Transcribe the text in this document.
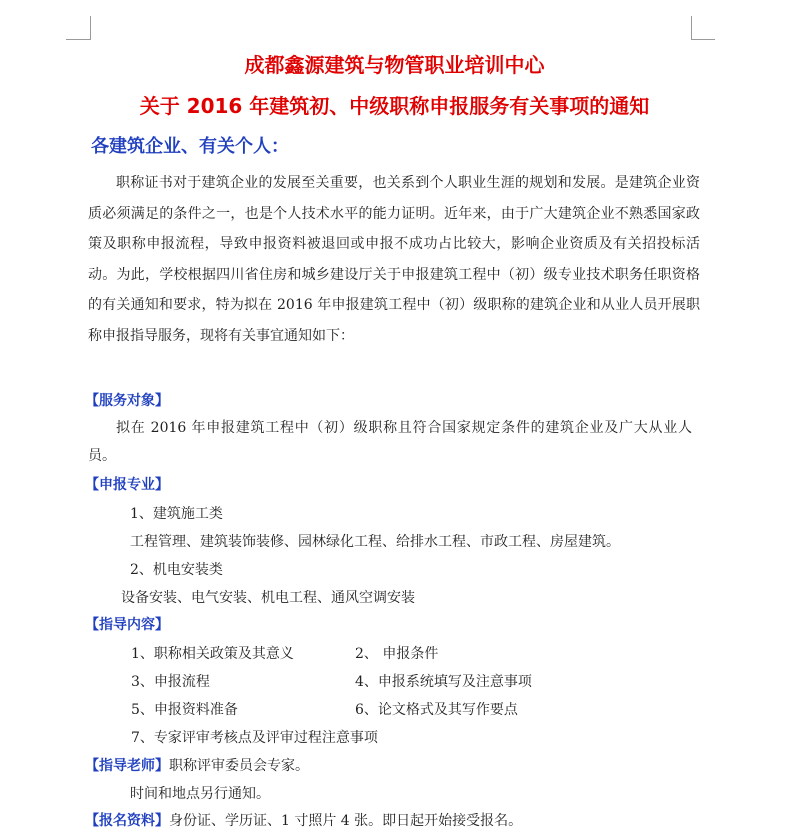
成都鑫源建筑与物管职业培训中心
关于 2016 年建筑初、中级职称申报服务有关事项的通知
各建筑企业、有关个人：

职称证书对于建筑企业的发展至关重要，也关系到个人职业生涯的规划和发展。是建筑企业资质必须满足的条件之一，也是个人技术水平的能力证明。近年来，由于广大建筑企业不熟悉国家政策及职称申报流程，导致申报资料被退回或申报不成功占比较大，影响企业资质及有关招投标活动。为此，学校根据四川省住房和城乡建设厅关于申报建筑工程中（初）级专业技术职务任职资格的有关通知和要求，特为拟在 2016 年申报建筑工程中（初）级职称的建筑企业和从业人员开展职称申报指导服务，现将有关事宜通知如下：

【服务对象】

拟在 2016 年申报建筑工程中（初）级职称且符合国家规定条件的建筑企业及广大从业人员。

【申报专业】
1、建筑施工类
工程管理、建筑装饰装修、园林绿化工程、给排水工程、市政工程、房屋建筑。
2、机电安装类
设备安装、电气安装、机电工程、通风空调安装
【指导内容】
1、职称相关政策及其意义	2、 申报条件
3、申报流程	4、申报系统填写及注意事项
5、申报资料准备	6、论文格式及其写作要点
7、专家评审考核点及评审过程注意事项
【指导老师】职称评审委员会专家。
时间和地点另行通知。
【报名资料】身份证、学历证、1 寸照片 4 张。即日起开始接受报名。
